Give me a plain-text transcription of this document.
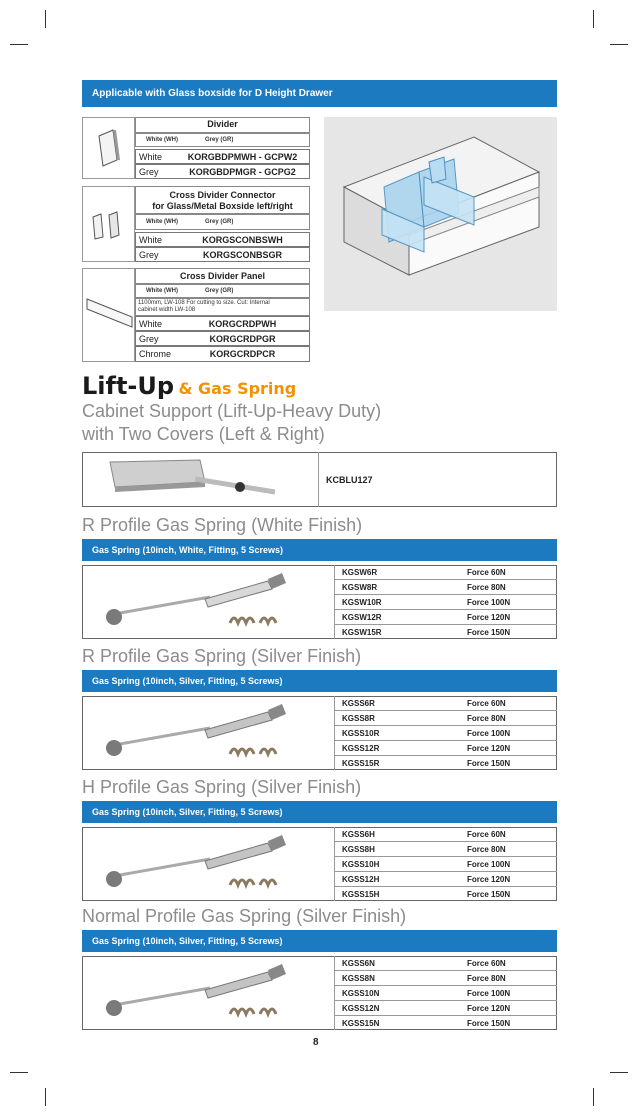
Applicable with Glass boxside for D Height Drawer
Divider
White (WH)	Grey (GR)
White	KORGBDPMWH - GCPW2
Grey	KORGBDPMGR - GCPG2
Cross Divider Connector
for Glass/Metal Boxside left/right
White (WH)	Grey (GR)
White	KORGSCONBSWH
Grey	KORGSCONBSGR
Cross Divider Panel
White (WH)	Grey (GR)
1100mm, LW-108 For cutting to size. Cut: Internal
cabinet width LW-108
White	KORGCRDPWH
Grey	KORGCRDPGR
Chrome	KORGCRDPCR
Lift-Up & Gas Spring
Cabinet Support (Lift-Up-Heavy Duty)
with Two Covers (Left & Right)
KCBLU127
R Profile Gas Spring (White Finish)
Gas Spring (10inch, White, Fitting, 5 Screws)
KGSW6R	Force 60N
KGSW8R	Force 80N
KGSW10R	Force 100N
KGSW12R	Force 120N
KGSW15R	Force 150N
R Profile Gas Spring (Silver Finish)
Gas Spring (10inch, Silver, Fitting, 5 Screws)
KGSS6R	Force 60N
KGSS8R	Force 80N
KGSS10R	Force 100N
KGSS12R	Force 120N
KGSS15R	Force 150N
H Profile Gas Spring (Silver Finish)
Gas Spring (10inch, Silver, Fitting, 5 Screws)
KGSS6H	Force 60N
KGSS8H	Force 80N
KGSS10H	Force 100N
KGSS12H	Force 120N
KGSS15H	Force 150N
Normal Profile Gas Spring (Silver Finish)
Gas Spring (10inch, Silver, Fitting, 5 Screws)
KGSS6N	Force 60N
KGSS8N	Force 80N
KGSS10N	Force 100N
KGSS12N	Force 120N
KGSS15N	Force 150N
8
